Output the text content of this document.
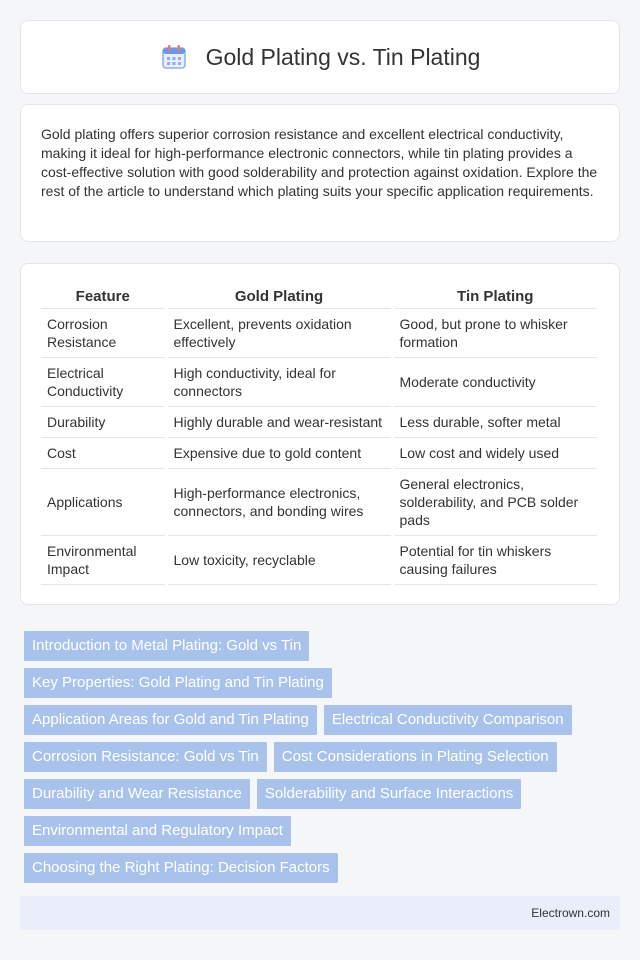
Gold Plating vs. Tin Plating

Gold plating offers superior corrosion resistance and excellent electrical conductivity, making it ideal for high-performance electronic connectors, while tin plating provides a cost-effective solution with good solderability and protection against oxidation. Explore the rest of the article to understand which plating suits your specific application requirements.

Feature	Gold Plating	Tin Plating
Corrosion Resistance	Excellent, prevents oxidation effectively	Good, but prone to whisker formation
Electrical Conductivity	High conductivity, ideal for connectors	Moderate conductivity
Durability	Highly durable and wear-resistant	Less durable, softer metal
Cost	Expensive due to gold content	Low cost and widely used
Applications	High-performance electronics, connectors, and bonding wires	General electronics, solderability, and PCB solder pads
Environmental Impact	Low toxicity, recyclable	Potential for tin whiskers causing failures
Introduction to Metal Plating: Gold vs Tin
Key Properties: Gold Plating and Tin Plating
Application Areas for Gold and Tin Plating	Electrical Conductivity Comparison
Corrosion Resistance: Gold vs Tin	Cost Considerations in Plating Selection
Durability and Wear Resistance	Solderability and Surface Interactions
Environmental and Regulatory Impact
Choosing the Right Plating: Decision Factors
Electrown.com
